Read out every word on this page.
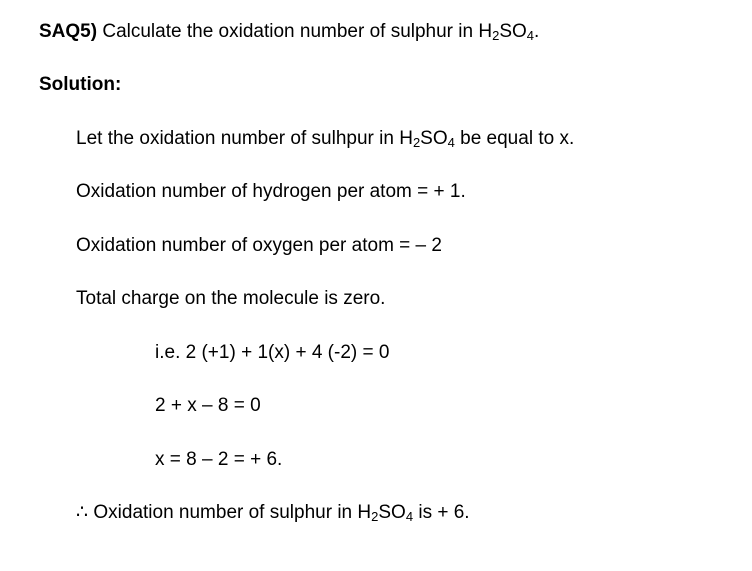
SAQ5) Calculate the oxidation number of sulphur in $H_2SO_4$.
Solution:
Let the oxidation number of sulhpur in $H_2SO_4$ be equal to x.
Oxidation number of hydrogen per atom = + 1.
Oxidation number of oxygen per atom = – 2
Total charge on the molecule is zero.
i.e. 2 (+1) + 1(x) + 4 (-2) = 0
2 + x – 8 = 0
x = 8 – 2 = + 6.
∴ Oxidation number of sulphur in $H_2SO_4$ is + 6.
